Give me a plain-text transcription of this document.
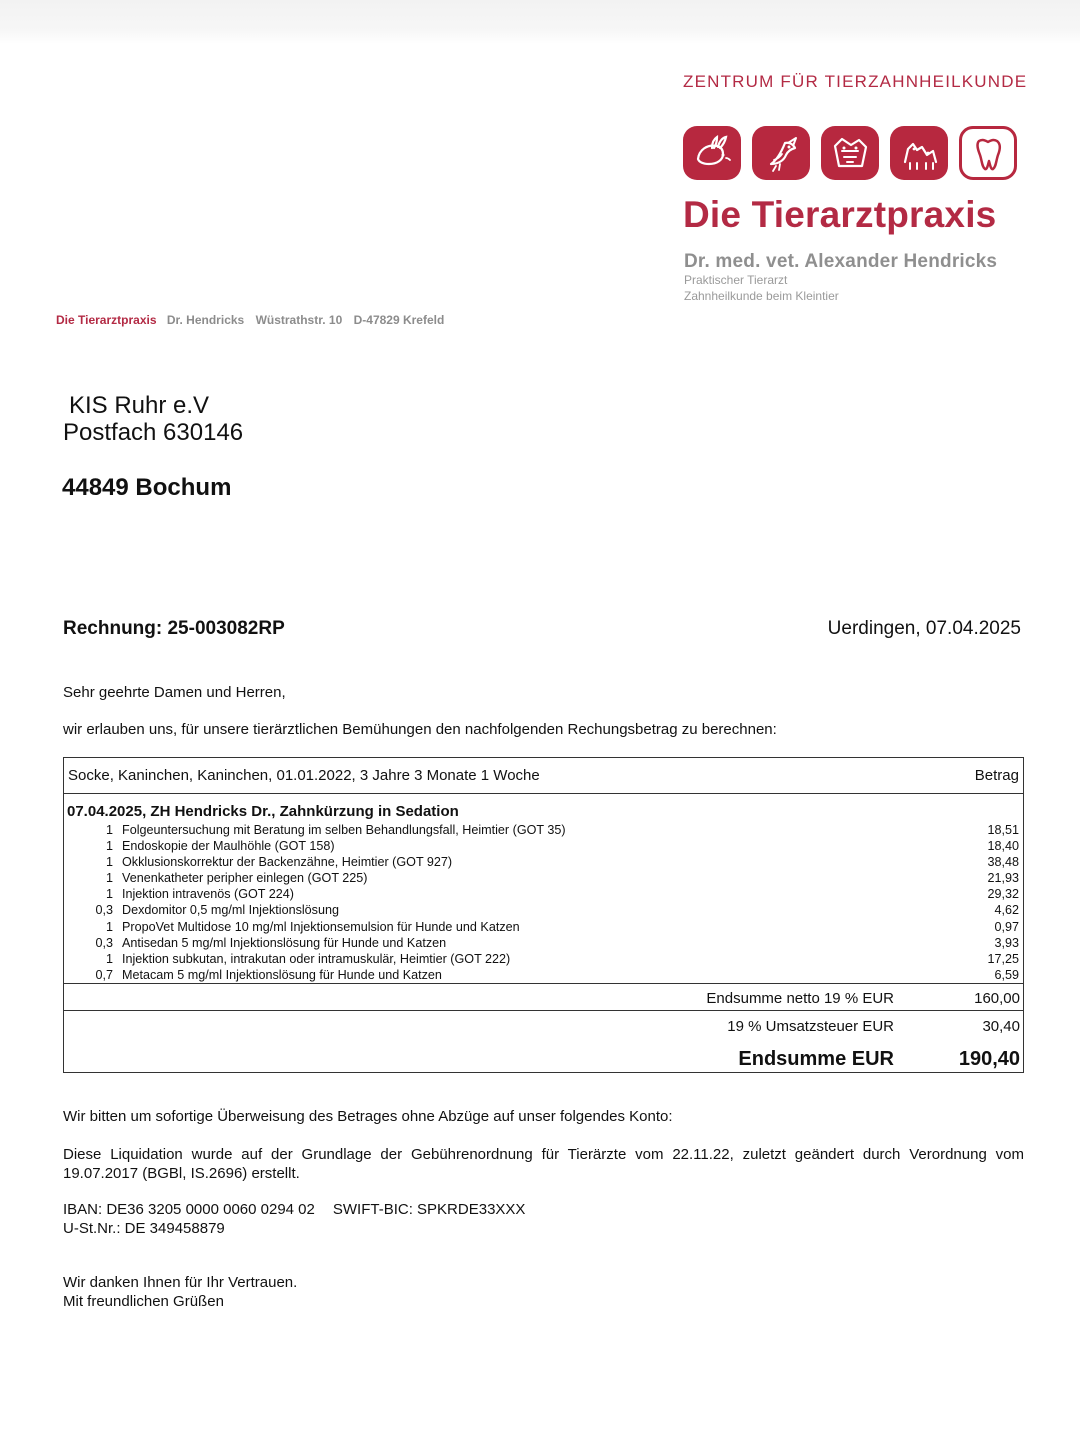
ZENTRUM FÜR TIERZAHNHEILKUNDE
Die Tierarztpraxis
Dr. med. vet. Alexander Hendricks
Praktischer Tierarzt
Zahnheilkunde beim Kleintier
Die Tierarztpraxis Dr. Hendricks Wüstrathstr. 10 D-47829 Krefeld
KIS Ruhr e.V
Postfach 630146
44849 Bochum
Rechnung: 25-003082RP	Uerdingen, 07.04.2025
Sehr geehrte Damen und Herren,
wir erlauben uns, für unsere tierärztlichen Bemühungen den nachfolgenden Rechungsbetrag zu berechnen:
Socke, Kaninchen, Kaninchen, 01.01.2022, 3 Jahre 3 Monate 1 Woche	Betrag
07.04.2025, ZH Hendricks Dr., Zahnkürzung in Sedation
1 Folgeuntersuchung mit Beratung im selben Behandlungsfall, Heimtier (GOT 35)	18,51
1 Endoskopie der Maulhöhle (GOT 158)	18,40
1 Okklusionskorrektur der Backenzähne, Heimtier (GOT 927)	38,48
1 Venenkatheter peripher einlegen (GOT 225)	21,93
1 Injektion intravenös (GOT 224)	29,32
0,3 Dexdomitor 0,5 mg/ml Injektionslösung	4,62
1 PropoVet Multidose 10 mg/ml Injektionsemulsion für Hunde und Katzen	0,97
0,3 Antisedan 5 mg/ml Injektionslösung für Hunde und Katzen	3,93
1 Injektion subkutan, intrakutan oder intramuskulär, Heimtier (GOT 222)	17,25
0,7 Metacam 5 mg/ml Injektionslösung für Hunde und Katzen	6,59
Endsumme netto 19 % EUR	160,00
19 % Umsatzsteuer EUR	30,40
Endsumme EUR	190,40
Wir bitten um sofortige Überweisung des Betrages ohne Abzüge auf unser folgendes Konto:
Diese Liquidation wurde auf der Grundlage der Gebührenordnung für Tierärzte vom 22.11.22, zuletzt geändert durch Verordnung vom 19.07.2017 (BGBl, IS.2696) erstellt.
IBAN: DE36 3205 0000 0060 0294 02 SWIFT-BIC: SPKRDE33XXX
U-St.Nr.: DE 349458879
Wir danken Ihnen für Ihr Vertrauen.
Mit freundlichen Grüßen
